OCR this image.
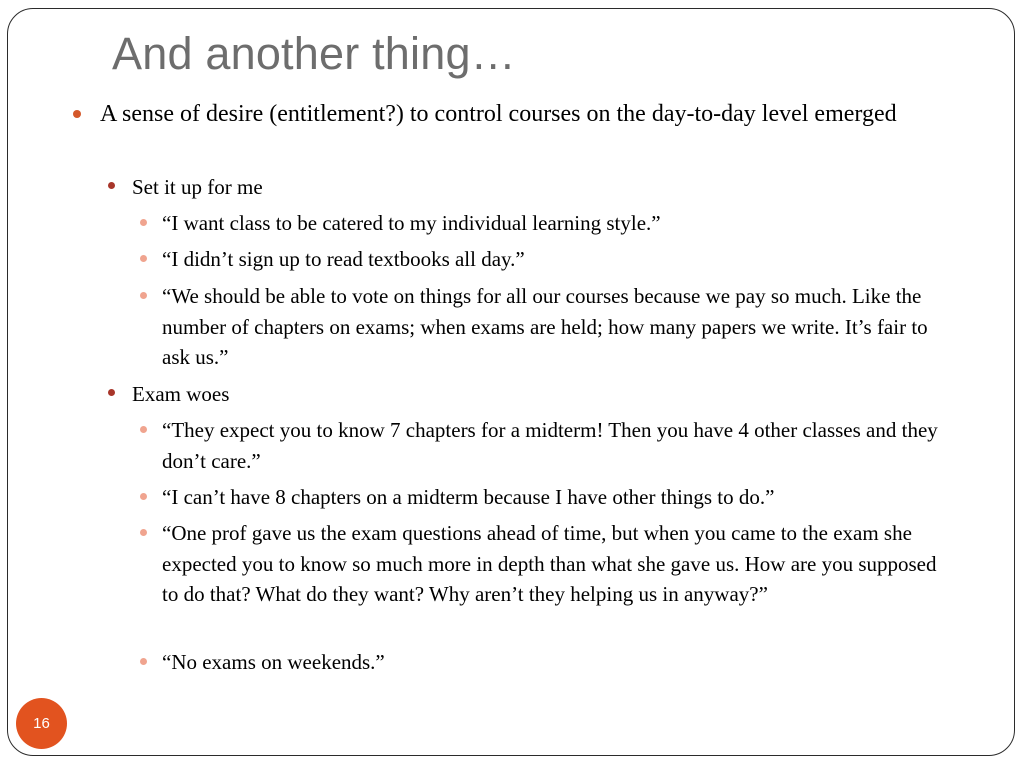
And another thing…
A sense of desire (entitlement?) to control courses on the day-to-day level emerged
Set it up for me
“I want class to be catered to my individual learning style.”
“I didn’t sign up to read textbooks all day.”
“We should be able to vote on things for all our courses because we pay so much. Like the number of chapters on exams; when exams are held; how many papers we write. It’s fair to ask us.”
Exam woes
“They expect you to know 7 chapters for a midterm! Then you have 4 other classes and they don’t care.”
“I can’t have 8 chapters on a midterm because I have other things to do.”
“One prof gave us the exam questions ahead of time, but when you came to the exam she expected you to know so much more in depth than what she gave us. How are you supposed to do that? What do they want? Why aren’t they helping us in anyway?”
“No exams on weekends.”
16
